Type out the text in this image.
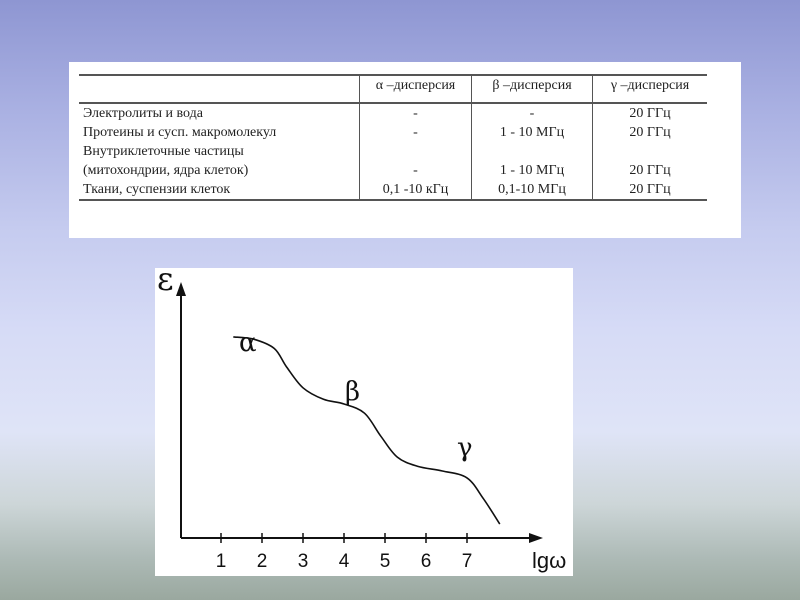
	α –дисперсия	β –дисперсия	γ –дисперсия
Электролиты и вода	-	-	20 ГГц
Протеины и сусп. макромолекул	-	1 - 10 МГц	20 ГГц
Внутриклеточные частицы			
(митохондрии, ядра клеток)	-	1 - 10 МГц	20 ГГц
Ткани, суспензии клеток	0,1 -10 кГц	0,1-10 МГц	20 ГГц
ε
lgω
1 2 3 4 5 6 7
α
β
γ
